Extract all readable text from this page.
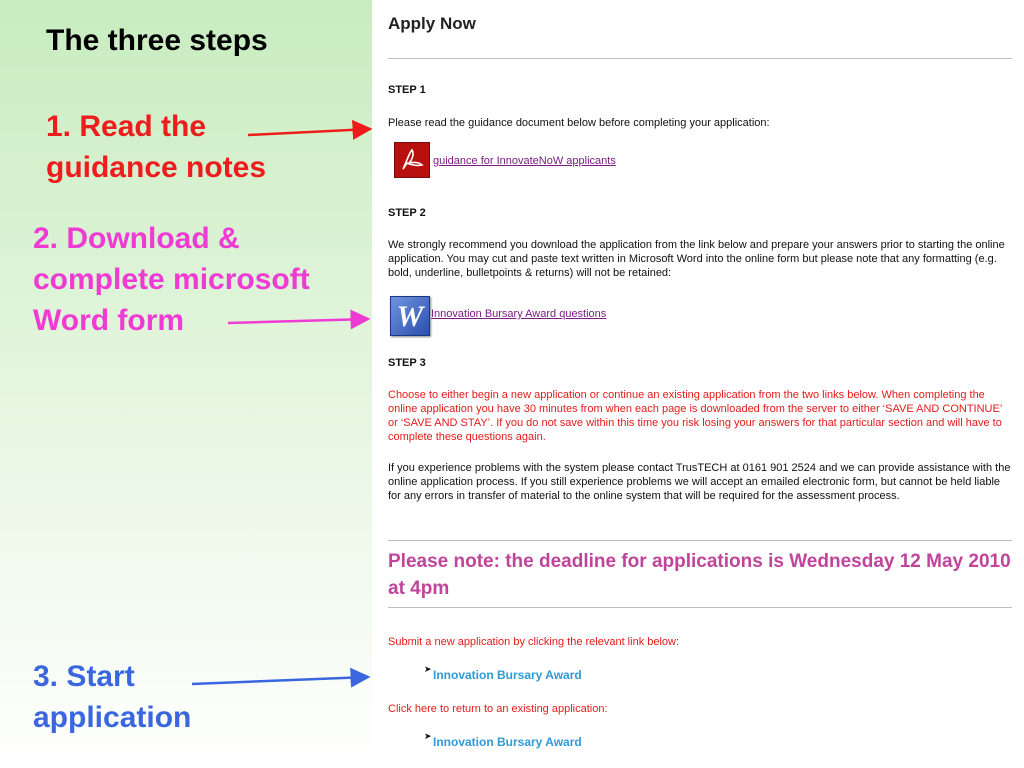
The three steps
1. Read the
guidance notes
2. Download &
complete microsoft
Word form
3. Start
application
Apply Now
STEP 1
Please read the guidance document below before completing your application:
guidance for InnovateNoW applicants
STEP 2
We strongly recommend you download the application from the link below and prepare your answers prior to starting the online application. You may cut and paste text written in Microsoft Word into the online form but please note that any formatting (e.g. bold, underline, bulletpoints & returns) will not be retained:
W Innovation Bursary Award questions
STEP 3
Choose to either begin a new application or continue an existing application from the two links below. When completing the online application you have 30 minutes from when each page is downloaded from the server to either ‘SAVE AND CONTINUE’ or ‘SAVE AND STAY’. If you do not save within this time you risk losing your answers for that particular section and will have to complete these questions again.
If you experience problems with the system please contact TrusTECH at 0161 901 2524 and we can provide assistance with the online application process. If you still experience problems we will accept an emailed electronic form, but cannot be held liable for any errors in transfer of material to the online system that will be required for the assessment process.
Please note: the deadline for applications is Wednesday 12 May 2010 at 4pm
Submit a new application by clicking the relevant link below:
➤ Innovation Bursary Award
Click here to return to an existing application:
➤ Innovation Bursary Award
